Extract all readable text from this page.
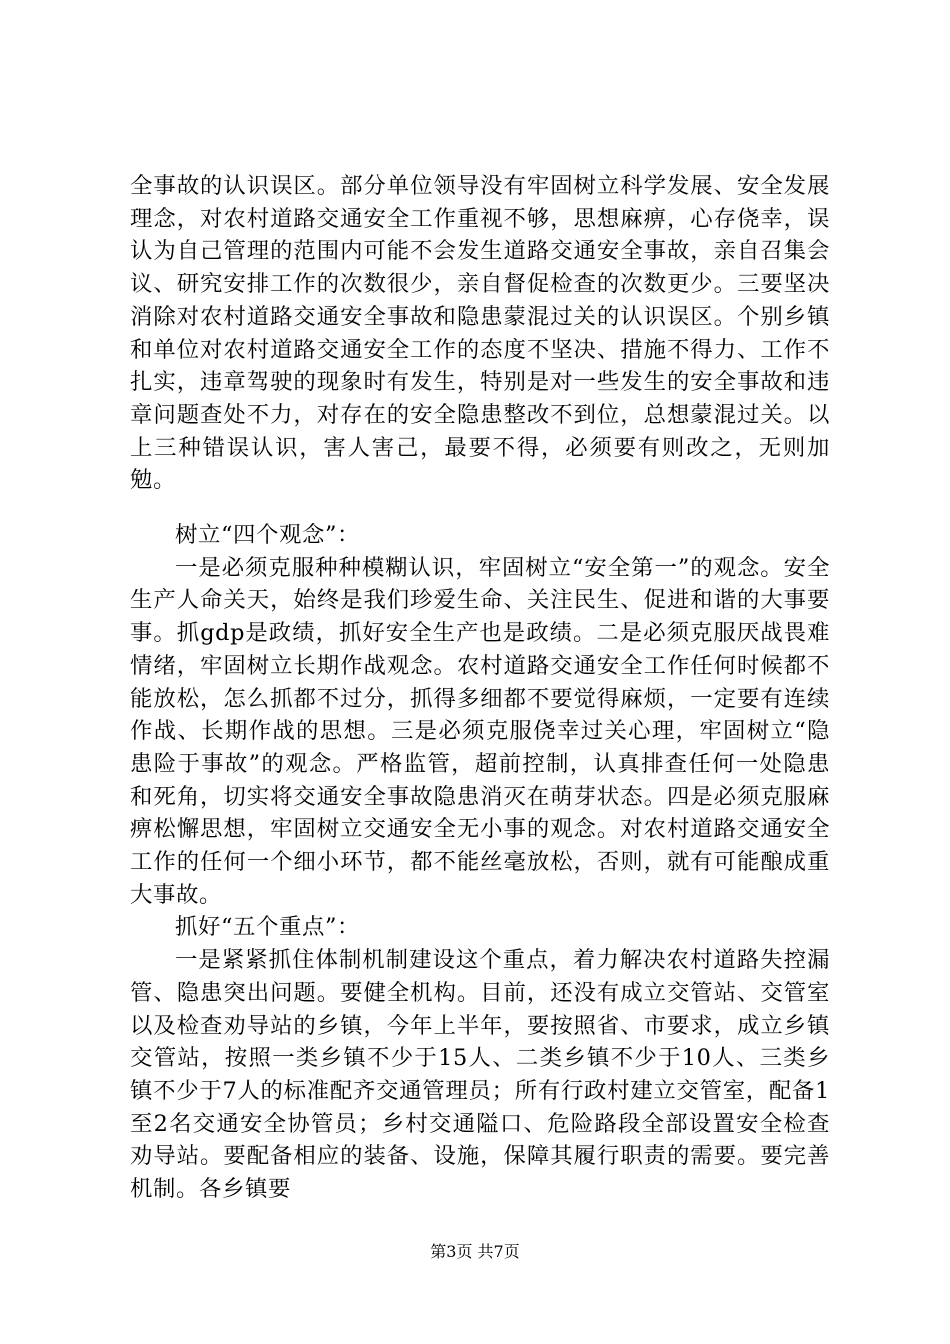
全事故的认识误区。部分单位领导没有牢固树立科学发展、安全发展理念，对农村道路交通安全工作重视不够，思想麻痹，心存侥幸，误认为自己管理的范围内可能不会发生道路交通安全事故，亲自召集会议、研究安排工作的次数很少，亲自督促检查的次数更少。三要坚决消除对农村道路交通安全事故和隐患蒙混过关的认识误区。个别乡镇和单位对农村道路交通安全工作的态度不坚决、措施不得力、工作不扎实，违章驾驶的现象时有发生，特别是对一些发生的安全事故和违章问题查处不力，对存在的安全隐患整改不到位，总想蒙混过关。以上三种错误认识，害人害己，最要不得，必须要有则改之，无则加勉。

树立“四个观念”：

一是必须克服种种模糊认识，牢固树立“安全第一”的观念。安全生产人命关天，始终是我们珍爱生命、关注民生、促进和谐的大事要事。抓gdp是政绩，抓好安全生产也是政绩。二是必须克服厌战畏难情绪，牢固树立长期作战观念。农村道路交通安全工作任何时候都不能放松，怎么抓都不过分，抓得多细都不要觉得麻烦，一定要有连续作战、长期作战的思想。三是必须克服侥幸过关心理，牢固树立“隐患险于事故”的观念。严格监管，超前控制，认真排查任何一处隐患和死角，切实将交通安全事故隐患消灭在萌芽状态。四是必须克服麻痹松懈思想，牢固树立交通安全无小事的观念。对农村道路交通安全工作的任何一个细小环节，都不能丝毫放松，否则，就有可能酿成重大事故。

抓好“五个重点”：

一是紧紧抓住体制机制建设这个重点，着力解决农村道路失控漏管、隐患突出问题。要健全机构。目前，还没有成立交管站、交管室以及检查劝导站的乡镇，今年上半年，要按照省、市要求，成立乡镇交管站，按照一类乡镇不少于15人、二类乡镇不少于10人、三类乡镇不少于7人的标准配齐交通管理员；所有行政村建立交管室，配备1至2名交通安全协管员；乡村交通隘口、危险路段全部设置安全检查劝导站。要配备相应的装备、设施，保障其履行职责的需要。要完善机制。各乡镇要

第3页 共7页
